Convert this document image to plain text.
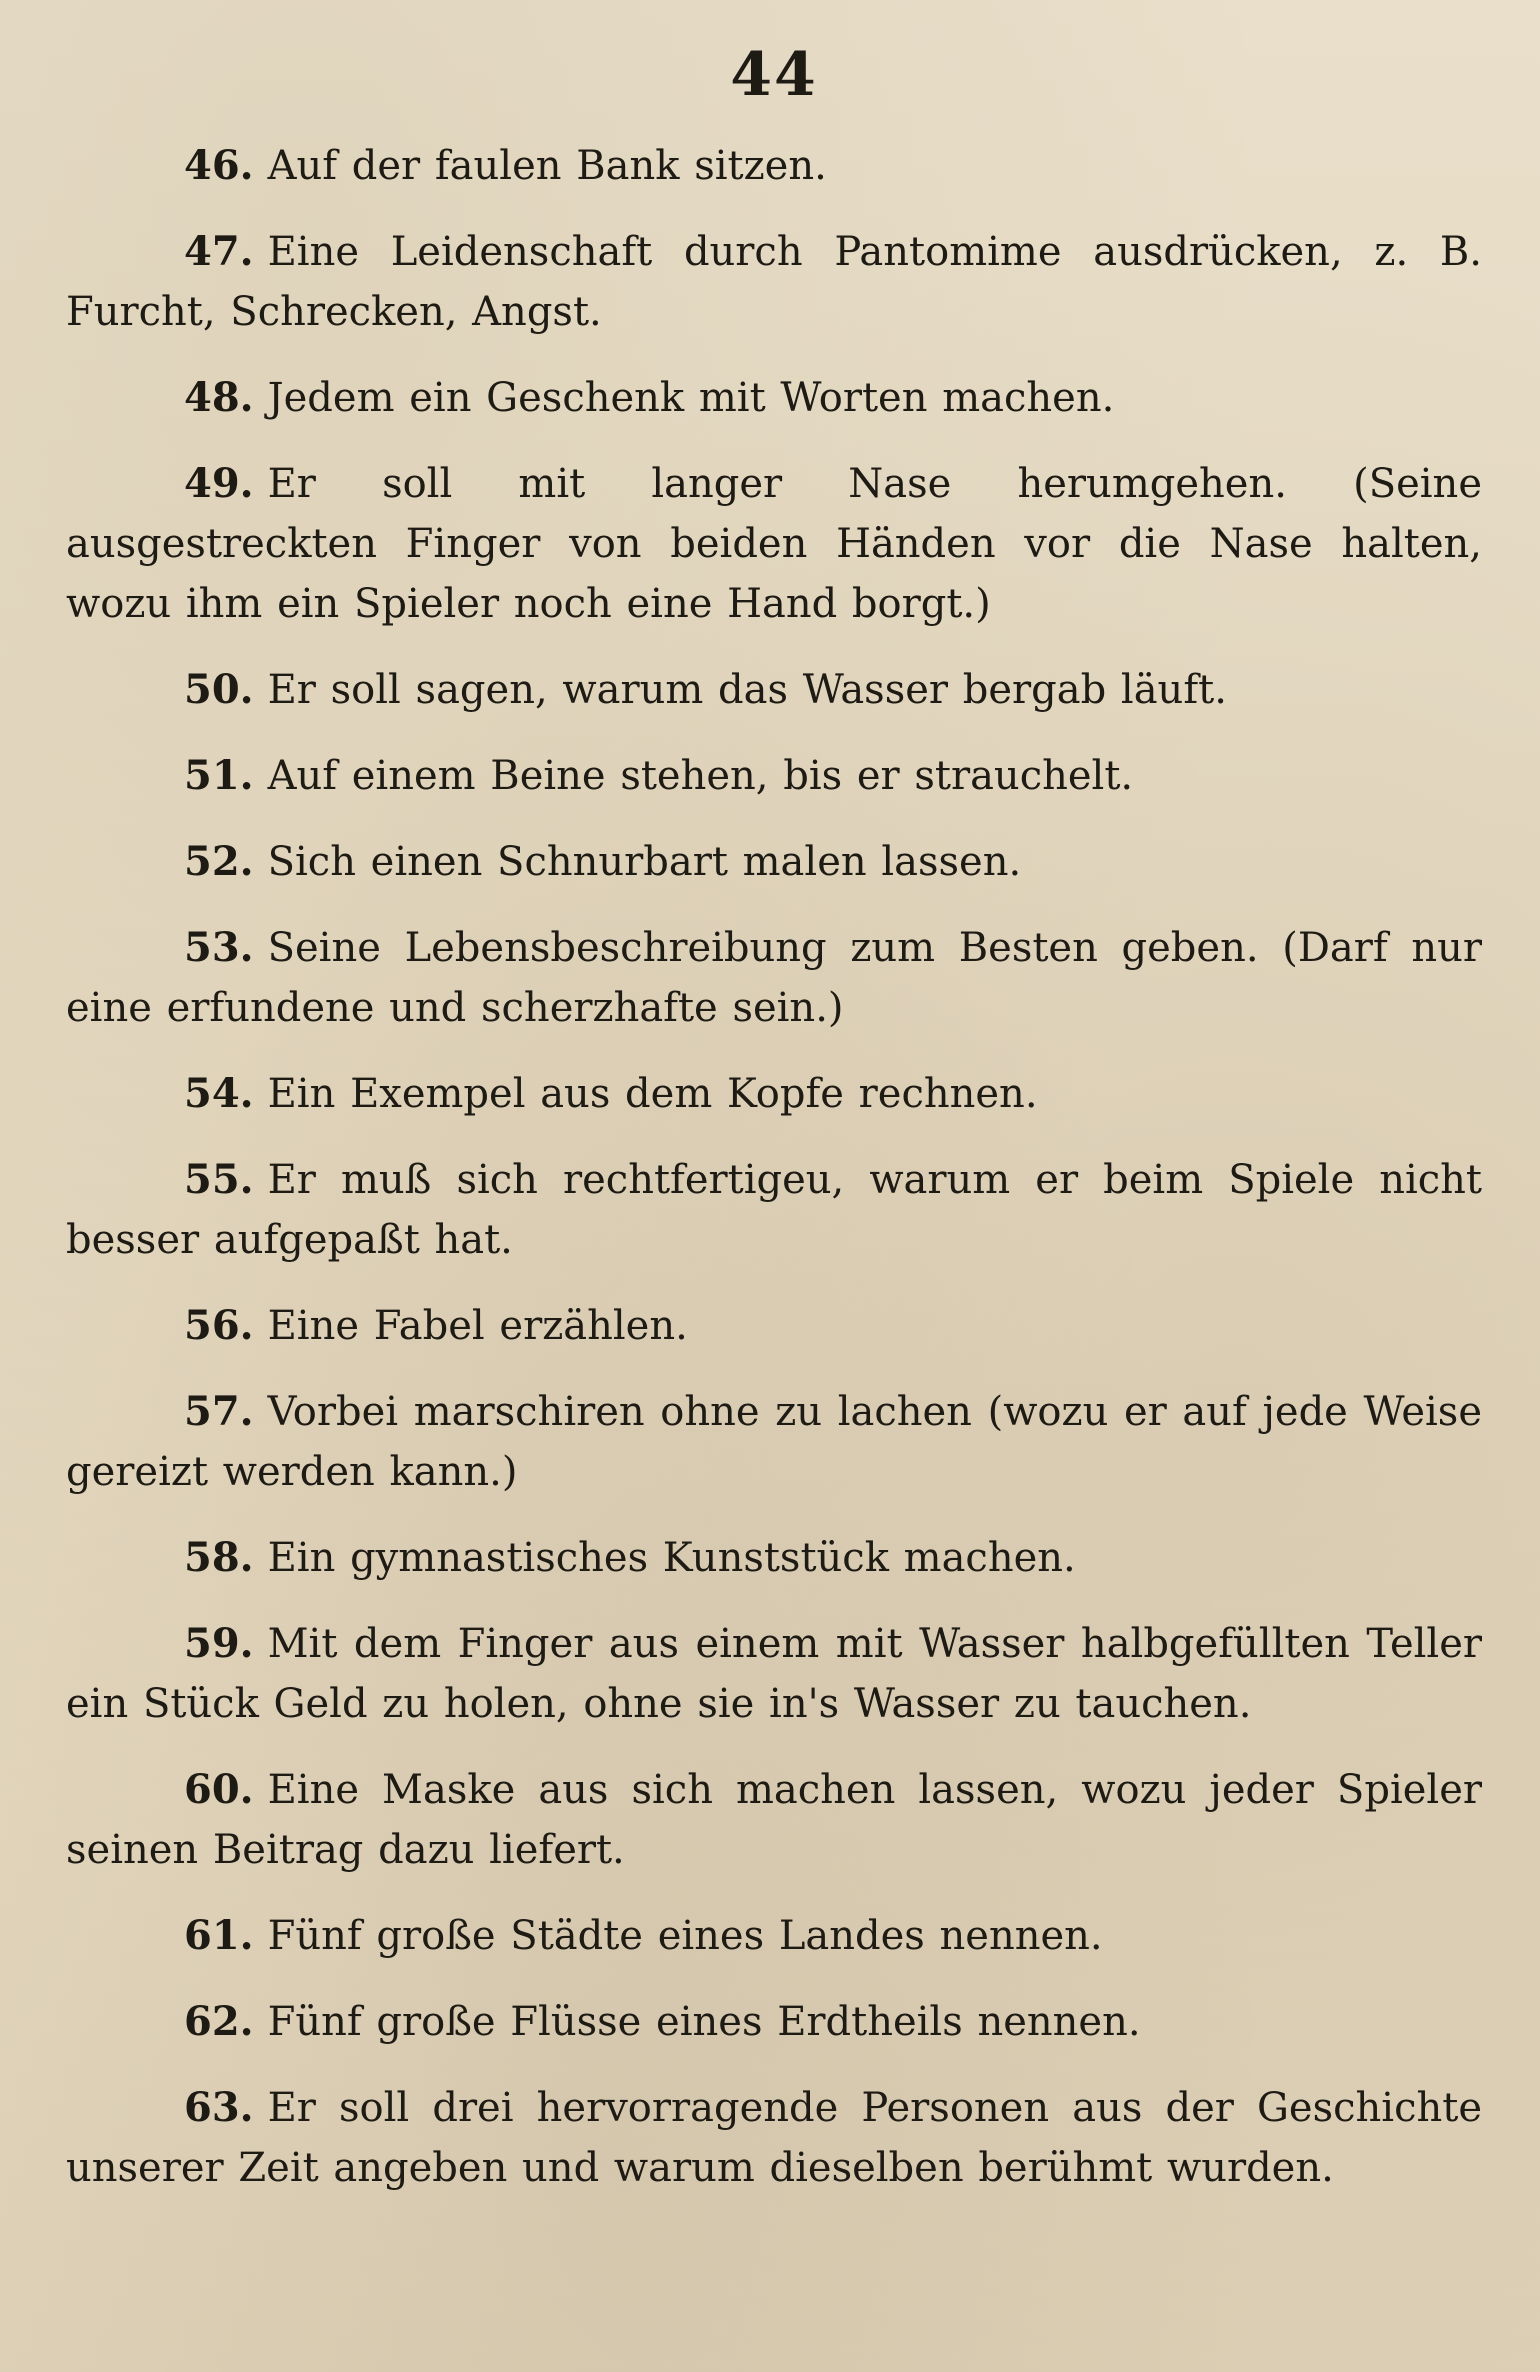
44

46. Auf der faulen Bank sitzen.

47. Eine Leidenschaft durch Pantomime ausdrücken, z. B. Furcht, Schrecken, Angst.

48. Jedem ein Geschenk mit Worten machen.

49. Er soll mit langer Nase herumgehen. (Seine ausgestreckten Finger von beiden Händen vor die Nase halten, wozu ihm ein Spieler noch eine Hand borgt.)

50. Er soll sagen, warum das Wasser bergab läuft.

51. Auf einem Beine stehen, bis er strauchelt.

52. Sich einen Schnurbart malen lassen.

53. Seine Lebensbeschreibung zum Besten geben. (Darf nur eine erfundene und scherzhafte sein.)

54. Ein Exempel aus dem Kopfe rechnen.

55. Er muß sich rechtfertigeu, warum er beim Spiele nicht besser aufgepaßt hat.

56. Eine Fabel erzählen.

57. Vorbei marschiren ohne zu lachen (wozu er auf jede Weise gereizt werden kann.)

58. Ein gymnastisches Kunststück machen.

59. Mit dem Finger aus einem mit Wasser halbgefüllten Teller ein Stück Geld zu holen, ohne sie in's Wasser zu tauchen.

60. Eine Maske aus sich machen lassen, wozu jeder Spieler seinen Beitrag dazu liefert.

61. Fünf große Städte eines Landes nennen.

62. Fünf große Flüsse eines Erdtheils nennen.

63. Er soll drei hervorragende Personen aus der Geschichte unserer Zeit angeben und warum dieselben berühmt wurden.
